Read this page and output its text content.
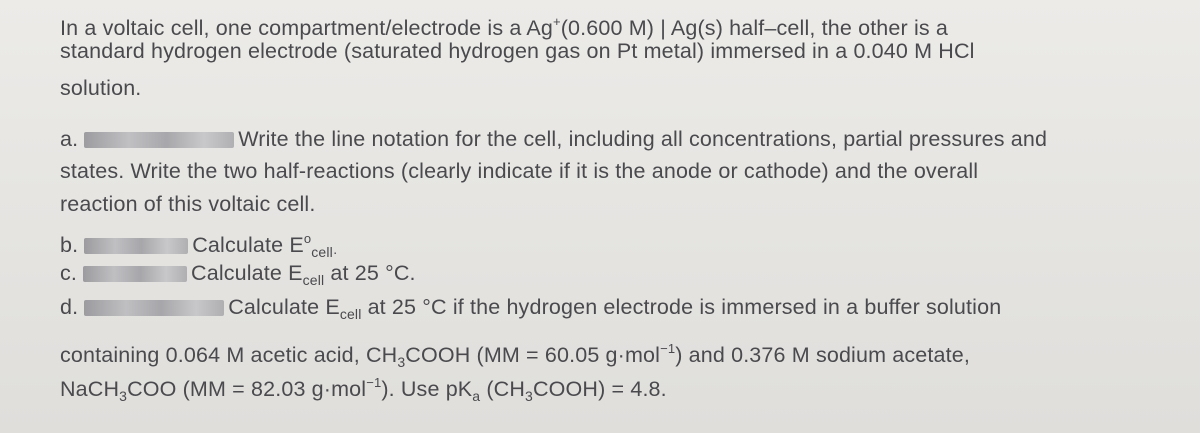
In a voltaic cell, one compartment/electrode is a Ag+(0.600 M) | Ag(s) half–cell, the other is a
standard hydrogen electrode (saturated hydrogen gas on Pt metal) immersed in a 0.040 M HCl
solution.
a.	Write the line notation for the cell, including all concentrations, partial pressures and
states. Write the two half-reactions (clearly indicate if it is the anode or cathode) and the overall
reaction of this voltaic cell.
b.	Calculate $E^o_{cell\cdot}$
c.	Calculate $E_{cell}$ at 25 °C.
d.	Calculate $E_{cell}$ at 25 °C if the hydrogen electrode is immersed in a buffer solution
containing 0.064 M acetic acid, $CH_3COOH$ (MM = 60.05 g·mol$^{-1}$) and 0.376 M sodium acetate,
NaCH$_3$COO (MM = 82.03 g·mol$^{-1}$). Use $pK_a$ $(CH_3COOH) = 4.8$.
